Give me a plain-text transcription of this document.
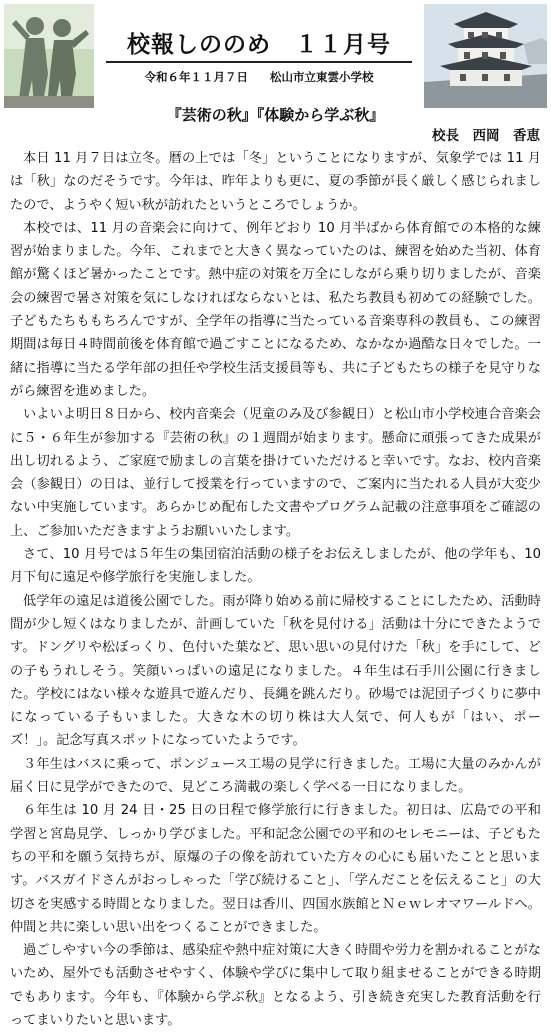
校報しののめ　１１月号
令和６年１１月７日 松山市立東雲小学校
『芸術の秋』『体験から学ぶ秋』
校長　西岡　香恵

本日 11 月７日は立冬。暦の上では「冬」ということになりますが、気象学では 11 月は「秋」なのだそうです。今年は、昨年よりも更に、夏の季節が長く厳しく感じられましたので、ようやく短い秋が訪れたというところでしょうか。

本校では、11 月の音楽会に向けて、例年どおり 10 月半ばから体育館での本格的な練習が始まりました。今年、これまでと大きく異なっていたのは、練習を始めた当初、体育館が驚くほど暑かったことです。熱中症の対策を万全にしながら乗り切りましたが、音楽会の練習で暑さ対策を気にしなければならないとは、私たち教員も初めての経験でした。子どもたちももちろんですが、全学年の指導に当たっている音楽専科の教員も、この練習期間は毎日４時間前後を体育館で過ごすことになるため、なかなか過酷な日々でした。一緒に指導に当たる学年部の担任や学校生活支援員等も、共に子どもたちの様子を見守りながら練習を進めました。

いよいよ明日８日から、校内音楽会（児童のみ及び参観日）と松山市小学校連合音楽会に５・６年生が参加する『芸術の秋』の１週間が始まります。懸命に頑張ってきた成果が出し切れるよう、ご家庭で励ましの言葉を掛けていただけると幸いです。なお、校内音楽会（参観日）の日は、並行して授業を行っていますので、ご案内に当たれる人員が大変少ない中実施しています。あらかじめ配布した文書やプログラム記載の注意事項をご確認の上、ご参加いただきますようお願いいたします。

さて、10 月号では５年生の集団宿泊活動の様子をお伝えしましたが、他の学年も、10 月下旬に遠足や修学旅行を実施しました。

低学年の遠足は道後公園でした。雨が降り始める前に帰校することにしたため、活動時間が少し短くはなりましたが、計画していた「秋を見付ける」活動は十分にできたようです。ドングリや松ぼっくり、色付いた葉など、思い思いの見付けた「秋」を手にして、どの子もうれしそう。笑顔いっぱいの遠足になりました。４年生は石手川公園に行きました。学校にはない様々な遊具で遊んだり、長縄を跳んだり。砂場では泥団子づくりに夢中になっている子もいました。大きな木の切り株は大人気で、何人もが「はい、ポーズ！」。記念写真スポットになっていたようです。

３年生はバスに乗って、ポンジュース工場の見学に行きました。工場に大量のみかんが届く日に見学ができたので、見どころ満載の楽しく学べる一日になりました。

６年生は 10 月 24 日・25 日の日程で修学旅行に行きました。初日は、広島での平和学習と宮島見学、しっかり学びました。平和記念公園での平和のセレモニーは、子どもたちの平和を願う気持ちが、原爆の子の像を訪れていた方々の心にも届いたことと思います。バスガイドさんがおっしゃった「学び続けること」、「学んだことを伝えること」の大切さを実感する時間となりました。翌日は香川、四国水族館とＮｅｗレオマワールドへ。仲間と共に楽しい思い出をつくることができました。

過ごしやすい今の季節は、感染症や熱中症対策に大きく時間や労力を割かれることがないため、屋外でも活動させやすく、体験や学びに集中して取り組ませることができる時期でもあります。今年も、『体験から学ぶ秋』となるよう、引き続き充実した教育活動を行ってまいりたいと思います。
